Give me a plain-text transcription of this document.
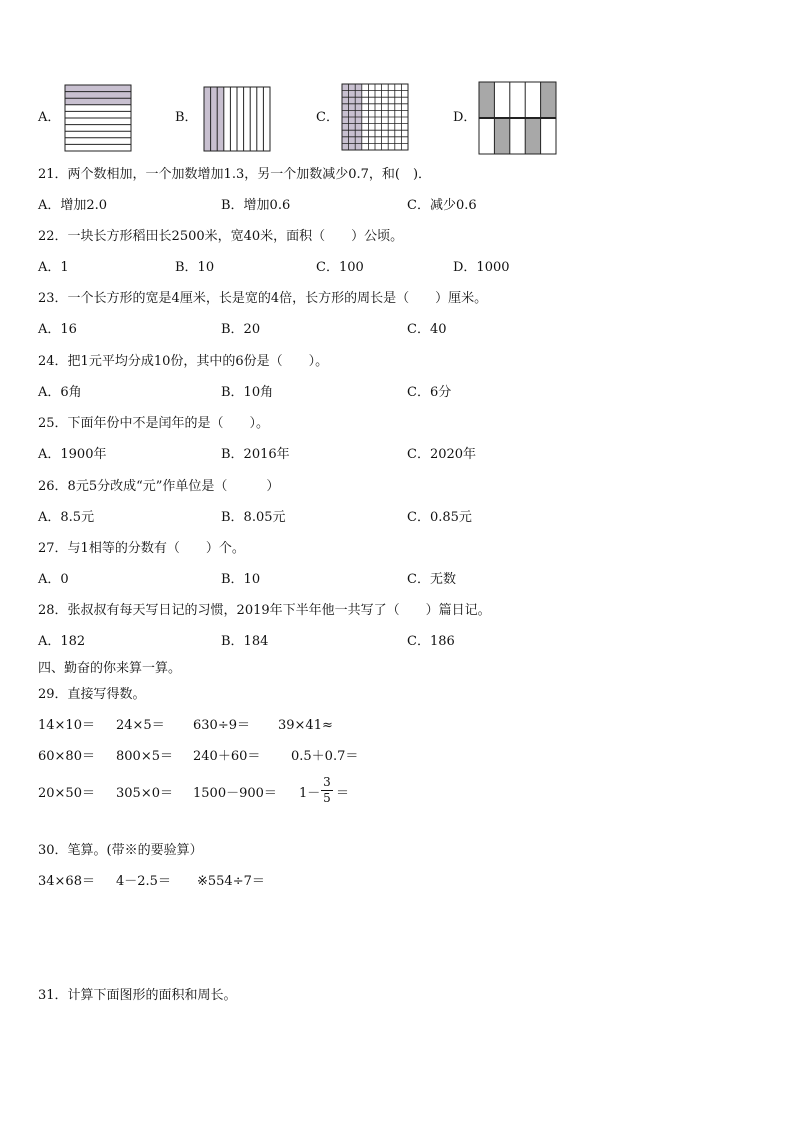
A．	B．	C．	D．
21．两个数相加，一个加数增加1.3，另一个加数减少0.7，和(　)．
A．增加2.0	B．增加0.6	C．减少0.6
22．一块长方形稻田长2500米，宽40米，面积（　　）公顷。
A．1	B．10	C．100	D．1000
23．一个长方形的宽是4厘米，长是宽的4倍，长方形的周长是（　　）厘米。
A．16	B．20	C．40
24．把1元平均分成10份，其中的6份是（　　）。
A．6角	B．10角	C．6分
25．下面年份中不是闰年的是（　　）。
A．1900年	B．2016年	C．2020年
26．8元5分改成“元”作单位是（　　　）
A．8.5元	B．8.05元	C．0.85元
27．与1相等的分数有（　　）个。
A．0	B．10	C．无数
28．张叔叔有每天写日记的习惯，2019年下半年他一共写了（　　）篇日记。
A．182	B．184	C．186
四、勤奋的你来算一算。
29．直接写得数。
14×10＝ 24×5＝ 630÷9＝ 39×41≈
60×80＝ 800×5＝ 240＋60＝ 0.5＋0.7＝
20×50＝ 305×0＝ 1500－900＝ 1－
3
5 ＝
30．笔算。(带※的要验算）
34×68＝ 4－2.5＝ ※554÷7＝
31．计算下面图形的面积和周长。
